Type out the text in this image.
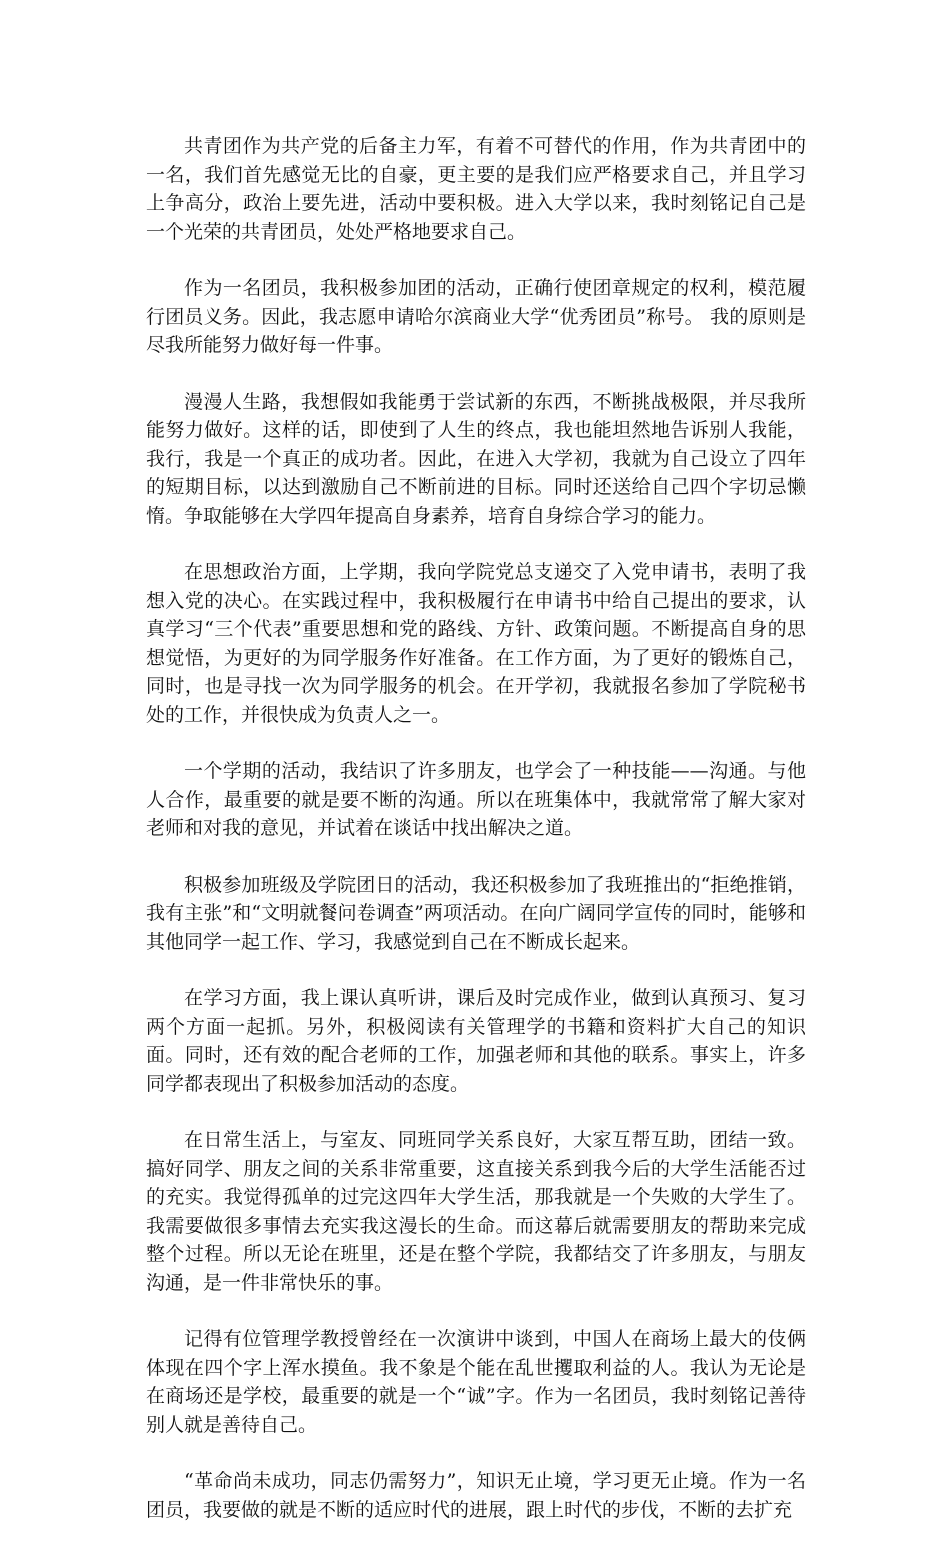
共青团作为共产党的后备主力军，有着不可替代的作用，作为共青团中的一名，我们首先感觉无比的自豪，更主要的是我们应严格要求自己，并且学习上争高分，政治上要先进，活动中要积极。进入大学以来，我时刻铭记自己是一个光荣的共青团员，处处严格地要求自己。

作为一名团员，我积极参加团的活动，正确行使团章规定的权利，模范履行团员义务。因此，我志愿申请哈尔滨商业大学“优秀团员”称号。 我的原则是尽我所能努力做好每一件事。

漫漫人生路，我想假如我能勇于尝试新的东西，不断挑战极限，并尽我所能努力做好。这样的话，即使到了人生的终点，我也能坦然地告诉别人我能，我行，我是一个真正的成功者。因此，在进入大学初，我就为自己设立了四年的短期目标，以达到激励自己不断前进的目标。同时还送给自己四个字切忌懒惰。争取能够在大学四年提高自身素养，培育自身综合学习的能力。

在思想政治方面，上学期，我向学院党总支递交了入党申请书，表明了我想入党的决心。在实践过程中，我积极履行在申请书中给自己提出的要求，认真学习“三个代表”重要思想和党的路线、方针、政策问题。不断提高自身的思想觉悟，为更好的为同学服务作好准备。在工作方面，为了更好的锻炼自己，同时，也是寻找一次为同学服务的机会。在开学初，我就报名参加了学院秘书处的工作，并很快成为负责人之一。

一个学期的活动，我结识了许多朋友，也学会了一种技能——沟通。与他人合作，最重要的就是要不断的沟通。所以在班集体中，我就常常了解大家对老师和对我的意见，并试着在谈话中找出解决之道。

积极参加班级及学院团日的活动，我还积极参加了我班推出的“拒绝推销，我有主张”和“文明就餐问卷调查”两项活动。在向广阔同学宣传的同时，能够和其他同学一起工作、学习，我感觉到自己在不断成长起来。

在学习方面，我上课认真听讲，课后及时完成作业，做到认真预习、复习两个方面一起抓。另外，积极阅读有关管理学的书籍和资料扩大自己的知识面。同时，还有效的配合老师的工作，加强老师和其他的联系。事实上，许多同学都表现出了积极参加活动的态度。

在日常生活上，与室友、同班同学关系良好，大家互帮互助，团结一致。搞好同学、朋友之间的关系非常重要，这直接关系到我今后的大学生活能否过的充实。我觉得孤单的过完这四年大学生活，那我就是一个失败的大学生了。我需要做很多事情去充实我这漫长的生命。而这幕后就需要朋友的帮助来完成整个过程。所以无论在班里，还是在整个学院，我都结交了许多朋友，与朋友沟通，是一件非常快乐的事。

记得有位管理学教授曾经在一次演讲中谈到，中国人在商场上最大的伎俩体现在四个字上浑水摸鱼。我不象是个能在乱世攫取利益的人。我认为无论是在商场还是学校，最重要的就是一个“诚”字。作为一名团员，我时刻铭记善待别人就是善待自己。

“革命尚未成功，同志仍需努力”，知识无止境，学习更无止境。作为一名团员，我要做的就是不断的适应时代的进展，跟上时代的步伐，不断的去扩充
